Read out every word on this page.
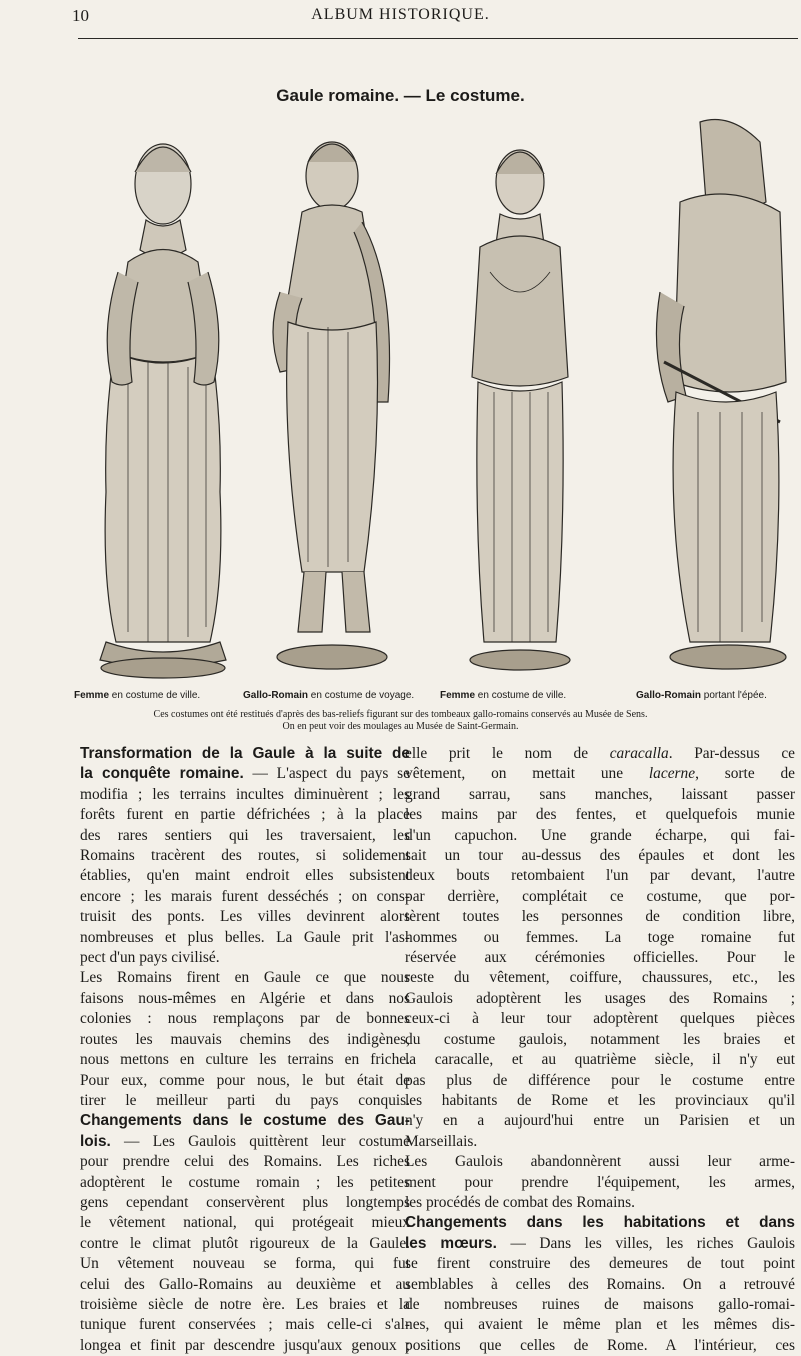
10	ALBUM HISTORIQUE.
Gaule romaine. — Le costume.
Femme en costume de ville.	Gallo-Romain en costume de voyage.	Femme en costume de ville.	Gallo-Romain portant l'épée.
Ces costumes ont été restitués d'après des bas-reliefs figurant sur des tombeaux gallo-romains conservés au Musée de Sens.
On en peut voir des moulages au Musée de Saint-Germain.
Transformation de la Gaule à la suite de
la conquête romaine. — L'aspect du pays se
modifia ; les terrains incultes diminuèrent ; les
forêts furent en partie défrichées ; à la place
des rares sentiers qui les traversaient, les
Romains tracèrent des routes, si solidement
établies, qu'en maint endroit elles subsistent
encore ; les marais furent desséchés ; on cons-
truisit des ponts. Les villes devinrent alors
nombreuses et plus belles. La Gaule prit l'as-
pect d'un pays civilisé.
Les Romains firent en Gaule ce que nous
faisons nous-mêmes en Algérie et dans nos
colonies : nous remplaçons par de bonnes
routes les mauvais chemins des indigènes,
nous mettons en culture les terrains en friche.
Pour eux, comme pour nous, le but était de
tirer le meilleur parti du pays conquis.
Changements dans le costume des Gau-
lois. — Les Gaulois quittèrent leur costume
pour prendre celui des Romains. Les riches
adoptèrent le costume romain ; les petites
gens cependant conservèrent plus longtemps
le vêtement national, qui protégeait mieux
contre le climat plutôt rigoureux de la Gaule.
Un vêtement nouveau se forma, qui fut
celui des Gallo-Romains au deuxième et au
troisième siècle de notre ère. Les braies et la
tunique furent conservées ; mais celle-ci s'al-
longea et finit par descendre jusqu'aux genoux ;
elle prit le nom de caracalla. Par-dessus ce
vêtement, on mettait une lacerne, sorte de
grand sarrau, sans manches, laissant passer
les mains par des fentes, et quelquefois munie
d'un capuchon. Une grande écharpe, qui fai-
sait un tour au-dessus des épaules et dont les
deux bouts retombaient l'un par devant, l'autre
par derrière, complétait ce costume, que por-
tèrent toutes les personnes de condition libre,
hommes ou femmes. La toge romaine fut
réservée aux cérémonies officielles. Pour le
reste du vêtement, coiffure, chaussures, etc., les
Gaulois adoptèrent les usages des Romains ;
ceux-ci à leur tour adoptèrent quelques pièces
du costume gaulois, notamment les braies et
la caracalle, et au quatrième siècle, il n'y eut
pas plus de différence pour le costume entre
les habitants de Rome et les provinciaux qu'il
n'y en a aujourd'hui entre un Parisien et un
Marseillais.
Les Gaulois abandonnèrent aussi leur arme-
ment pour prendre l'équipement, les armes,
les procédés de combat des Romains.
Changements dans les habitations et dans
les mœurs. — Dans les villes, les riches Gaulois
se firent construire des demeures de tout point
semblables à celles des Romains. On a retrouvé
de nombreuses ruines de maisons gallo-romai-
nes, qui avaient le même plan et les mêmes dis-
positions que celles de Rome. A l'intérieur, ces
